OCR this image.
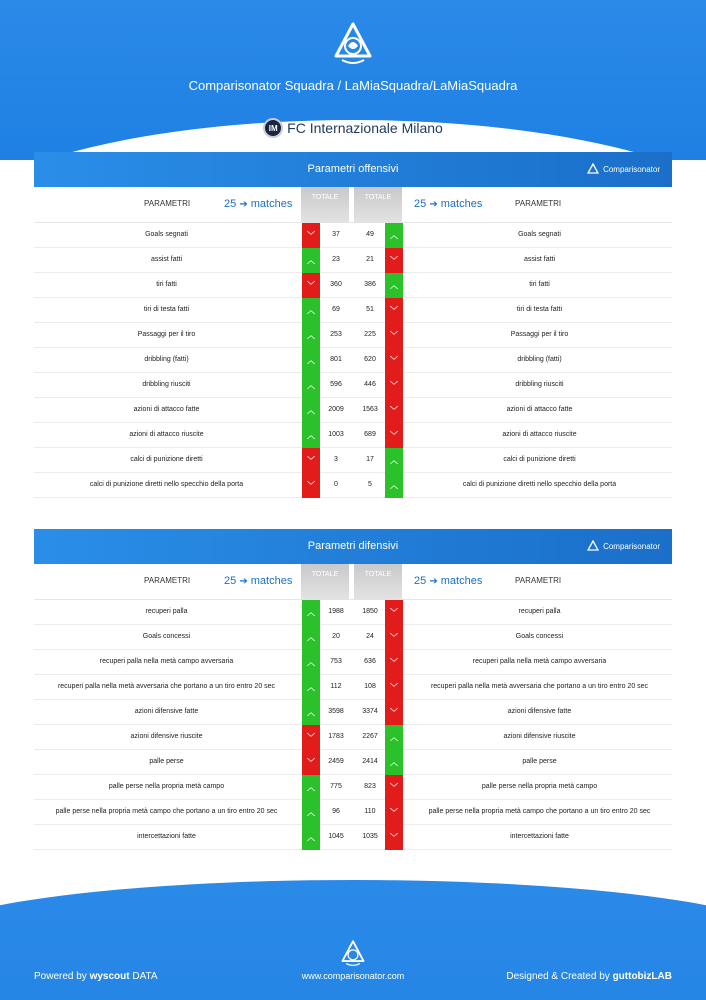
Comparisonator Squadra / LaMiaSquadra/LaMiaSquadra
IM FC Internazionale Milano
Parametri offensivi	Comparisonator
PARAMETRI	25 ➔ matches
TOTALE	TOTALE
25 ➔ matches	PARAMETRI
Goals segnati	﹀	37	49	︿	Goals segnati
assist fatti	︿	23	21	﹀	assist fatti
tiri fatti	﹀	360	386	︿	tiri fatti
tiri di testa fatti	︿	69	51	﹀	tiri di testa fatti
Passaggi per il tiro	︿	253	225	﹀	Passaggi per il tiro
dribbling (fatti)	︿	801	620	﹀	dribbling (fatti)
dribbling riusciti	︿	596	446	﹀	dribbling riusciti
azioni di attacco fatte	︿	2009	1563	﹀	azioni di attacco fatte
azioni di attacco riuscite	︿	1003	689	﹀	azioni di attacco riuscite
calci di punizione diretti	﹀	3	17	︿	calci di punizione diretti
calci di punizione diretti nello specchio della porta	﹀	0	5	︿	calci di punizione diretti nello specchio della porta
Parametri difensivi	Comparisonator
PARAMETRI	25 ➔ matches
TOTALE	TOTALE
25 ➔ matches	PARAMETRI
recuperi palla	︿	1988	1850	﹀	recuperi palla
Goals concessi	︿	20	24	﹀	Goals concessi
recuperi palla nella metà campo avversaria	︿	753	636	﹀	recuperi palla nella metà campo avversaria
recuperi palla nella metà avversaria che portano a un tiro entro 20 sec	︿	112	108	﹀	recuperi palla nella metà avversaria che portano a un tiro entro 20 sec
azioni difensive fatte	︿	3598	3374	﹀	azioni difensive fatte
azioni difensive riuscite	﹀	1783	2267	︿	azioni difensive riuscite
palle perse	﹀	2459	2414	︿	palle perse
palle perse nella propria metà campo	︿	775	823	﹀	palle perse nella propria metà campo
palle perse nella propria metà campo che portano a un tiro entro 20 sec	︿	96	110	﹀	palle perse nella propria metà campo che portano a un tiro entro 20 sec
intercettazioni fatte	︿	1045	1035	﹀	intercettazioni fatte
Powered by wyscout DATA	www.comparisonator.com	Designed & Created by guttobizLAB
